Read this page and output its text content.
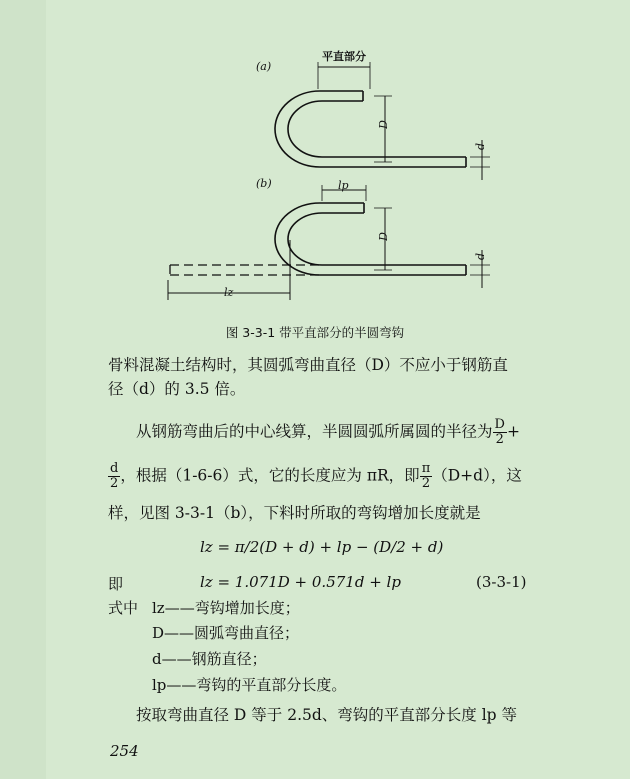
(a)
(b)
平直部分
D
d
lp
D
d
lz
图 3-3-1 带平直部分的半圆弯钩
骨料混凝土结构时，其圆弧弯曲直径（D）不应小于钢筋直
径（d）的 3.5 倍。
从钢筋弯曲后的中心线算，半圆圆弧所属圆的半径为 $\frac{D}{2}$ +
$\frac{d}{2}$ ，根据（1-6-6）式，它的长度应为 πR，即 $\frac{\pi}{2} (D+d)$，这
样，见图 3-3-1（b），下料时所取的弯钩增加长度就是
lz = π/2(D + d) + lp − (D/2 + d)
即	lz = 1.071D + 0.571d + lp	(3-3-1)
式中 lz——弯钩增加长度；
D——圆弧弯曲直径；
d——钢筋直径；
lp——弯钩的平直部分长度。
按取弯曲直径 D 等于 2.5d、弯钩的平直部分长度 lp 等
254
